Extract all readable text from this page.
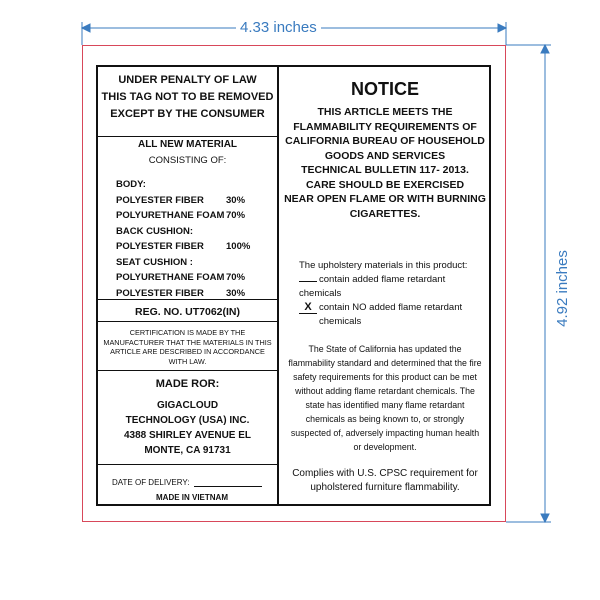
4.33 inches
4.92 inches
UNDER PENALTY OF LAW
THIS TAG NOT TO BE REMOVED
EXCEPT BY THE CONSUMER
ALL NEW MATERIAL
CONSISTING OF:
BODY:
POLYESTER FIBER	30%
POLYURETHANE FOAM 70%
BACK CUSHION:
POLYESTER FIBER	100%
SEAT CUSHION :
POLYURETHANE FOAM 70%
POLYESTER FIBER	30%
REG. NO. UT7062(IN)
CERTIFICATION IS MADE BY THE MANUFACTURER THAT THE MATERIALS IN THIS ARTICLE ARE DESCRIBED IN ACCORDANCE WITH LAW.
MADE ROR:
GIGACLOUD
TECHNOLOGY (USA) INC.
4388 SHIRLEY AVENUE EL
MONTE, CA 91731
DATE OF DELIVERY:
MADE IN VIETNAM
NOTICE
THIS ARTICLE MEETS THE
FLAMMABILITY REQUIREMENTS OF
CALIFORNIA BUREAU OF HOUSEHOLD
GOODS AND SERVICES
TECHNICAL BULLETIN 117- 2013.
CARE SHOULD BE EXERCISED
NEAR OPEN FLAME OR WITH BURNING
CIGARETTES.
The upholstery materials in this product:
contain added flame retardant chemicals
X contain NO added flame retardant
chemicals
The State of California has updated the flammability standard and determined that the fire safety requirements for this product can be met without adding flame retardant chemicals. The state has identified many flame retardant chemicals as being known to, or strongly suspected of, adversely impacting human health or development.
Complies with U.S. CPSC requirement for upholstered furniture flammability.
